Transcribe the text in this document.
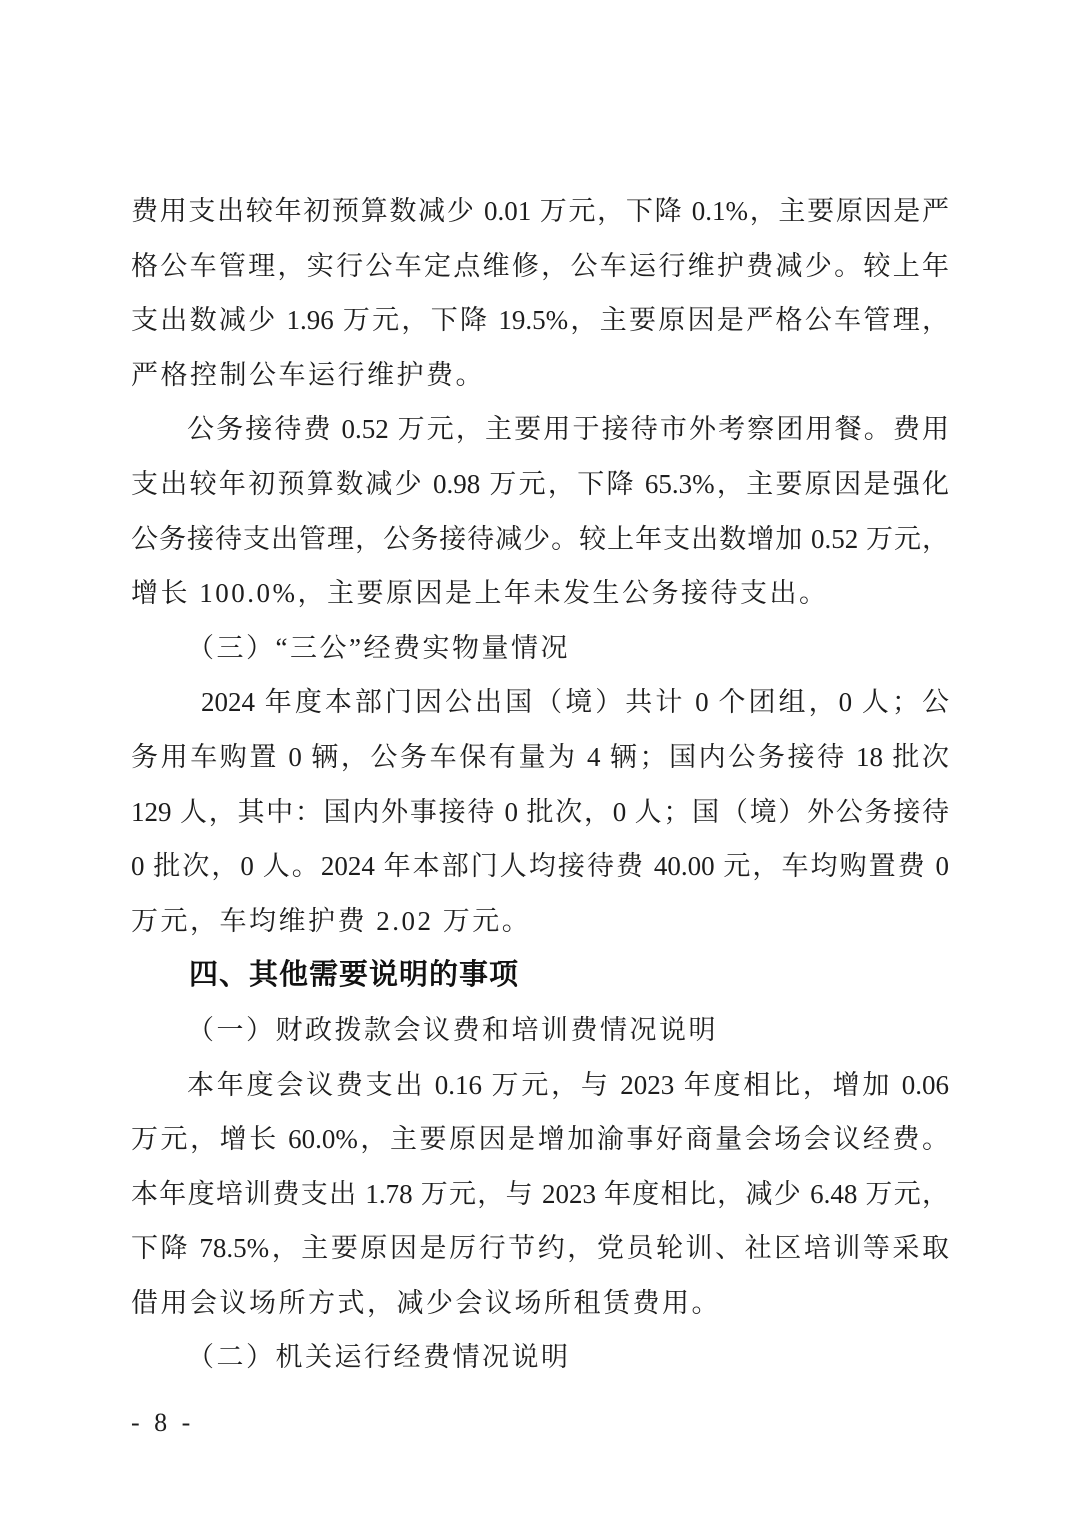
费用支出较年初预算数减少 0.01 万元，下降 0.1%，主要原因是严
格公车管理，实行公车定点维修，公车运行维护费减少。较上年
支出数减少 1.96 万元，下降 19.5%，主要原因是严格公车管理，
严格控制公车运行维护费。
公务接待费 0.52 万元，主要用于接待市外考察团用餐。费用
支出较年初预算数减少 0.98 万元，下降 65.3%，主要原因是强化
公务接待支出管理，公务接待减少。较上年支出数增加 0.52 万元，
增长 100.0%，主要原因是上年未发生公务接待支出。
（三）“三公”经费实物量情况
2024 年度本部门因公出国（境）共计 0 个团组，0 人；公
务用车购置 0 辆，公务车保有量为 4 辆；国内公务接待 18 批次
129 人，其中：国内外事接待 0 批次，0 人；国（境）外公务接待
0 批次，0 人。2024 年本部门人均接待费 40.00 元，车均购置费 0
万元，车均维护费 2.02 万元。
四、其他需要说明的事项
（一）财政拨款会议费和培训费情况说明
本年度会议费支出 0.16 万元，与 2023 年度相比，增加 0.06
万元，增长 60.0%，主要原因是增加渝事好商量会场会议经费。
本年度培训费支出 1.78 万元，与 2023 年度相比，减少 6.48 万元，
下降 78.5%，主要原因是厉行节约，党员轮训、社区培训等采取
借用会议场所方式，减少会议场所租赁费用。
（二）机关运行经费情况说明
- 8 -
